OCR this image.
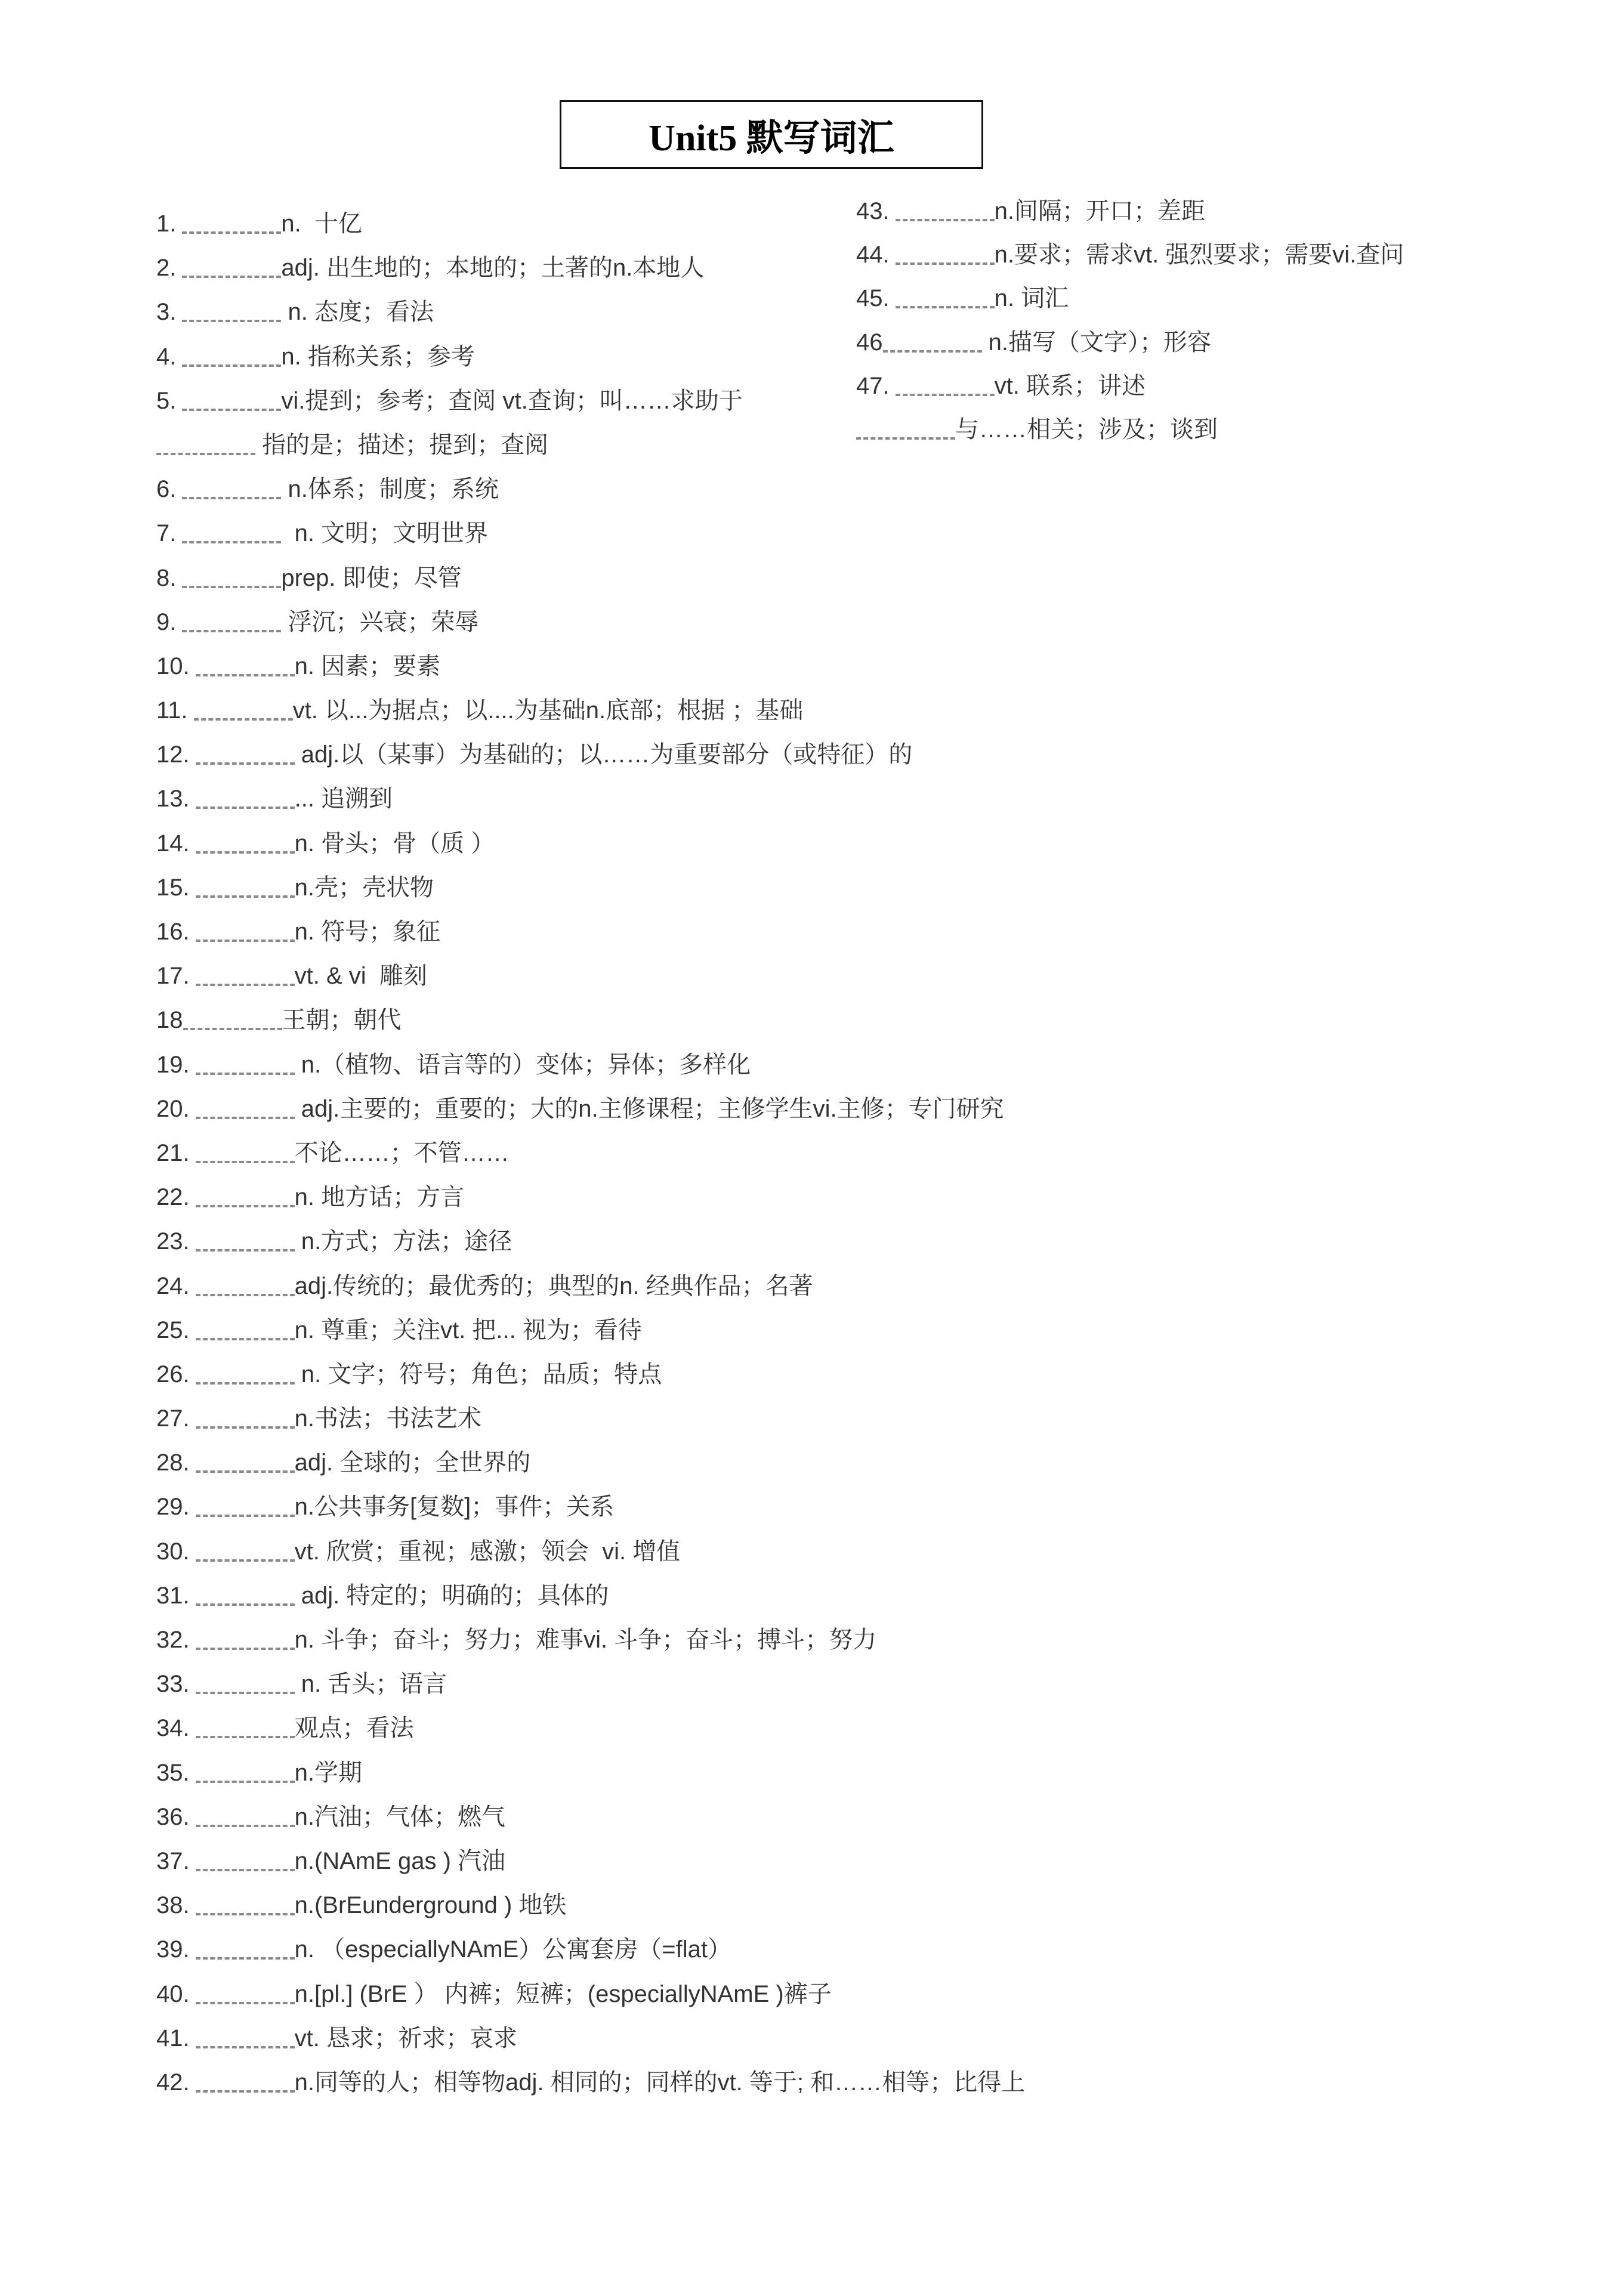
Unit5 默写词汇
1.	n.  十亿
2.	adj. 出生地的；本地的；土著的n.本地人
3.	n. 态度；看法
4.	n. 指称关系；参考
5.	vi.提到；参考；查阅 vt.查询；叫……求助于
指的是；描述；提到；查阅
6.	n.体系；制度；系统
7.	n. 文明；文明世界
8.	prep. 即使；尽管
9.	浮沉；兴衰；荣辱
10.	n. 因素；要素
11.	vt. 以...为据点；以....为基础n.底部；根据 ；基础
12.	adj.以（某事）为基础的；以……为重要部分（或特征）的
13.	... 追溯到
14.	n. 骨头；骨（质 ）
15.	n.壳；壳状物
16.	n. 符号；象征
17.	vt. & vi  雕刻
18	王朝；朝代
19.	n.（植物、语言等的）变体；异体；多样化
20.	adj.主要的；重要的；大的n.主修课程；主修学生vi.主修；专门研究
21.	不论……；不管……
22.	n. 地方话；方言
23.	n.方式；方法；途径
24.	adj.传统的；最优秀的；典型的n. 经典作品；名著
25.	n. 尊重；关注vt. 把... 视为；看待
26.	n. 文字；符号；角色；品质；特点
27.	n.书法；书法艺术
28.	adj. 全球的；全世界的
29.	n.公共事务[复数]；事件；关系
30.	vt. 欣赏；重视；感激；领会  vi. 增值
31.	adj. 特定的；明确的；具体的
32.	n. 斗争；奋斗；努力；难事vi. 斗争；奋斗；搏斗；努力
33.	n. 舌头；语言
34.	观点；看法
35.	n.学期
36.	n.汽油；气体；燃气
37.	n.(NAmE gas ) 汽油
38.	n.(BrEunderground ) 地铁
39.	n. （especiallyNAmE）公寓套房（=flat）
40.	n.[pl.] (BrE ） 内裤；短裤；(especiallyNAmE )裤子
41.	vt. 恳求；祈求；哀求
42.	n.同等的人；相等物adj. 相同的；同样的vt. 等于; 和……相等；比得上
43.	n.间隔；开口；差距
44.	n.要求；需求vt. 强烈要求；需要vi.查问
45.	n. 词汇
46	n.描写（文字）；形容
47.	vt. 联系；讲述
与……相关；涉及；谈到
